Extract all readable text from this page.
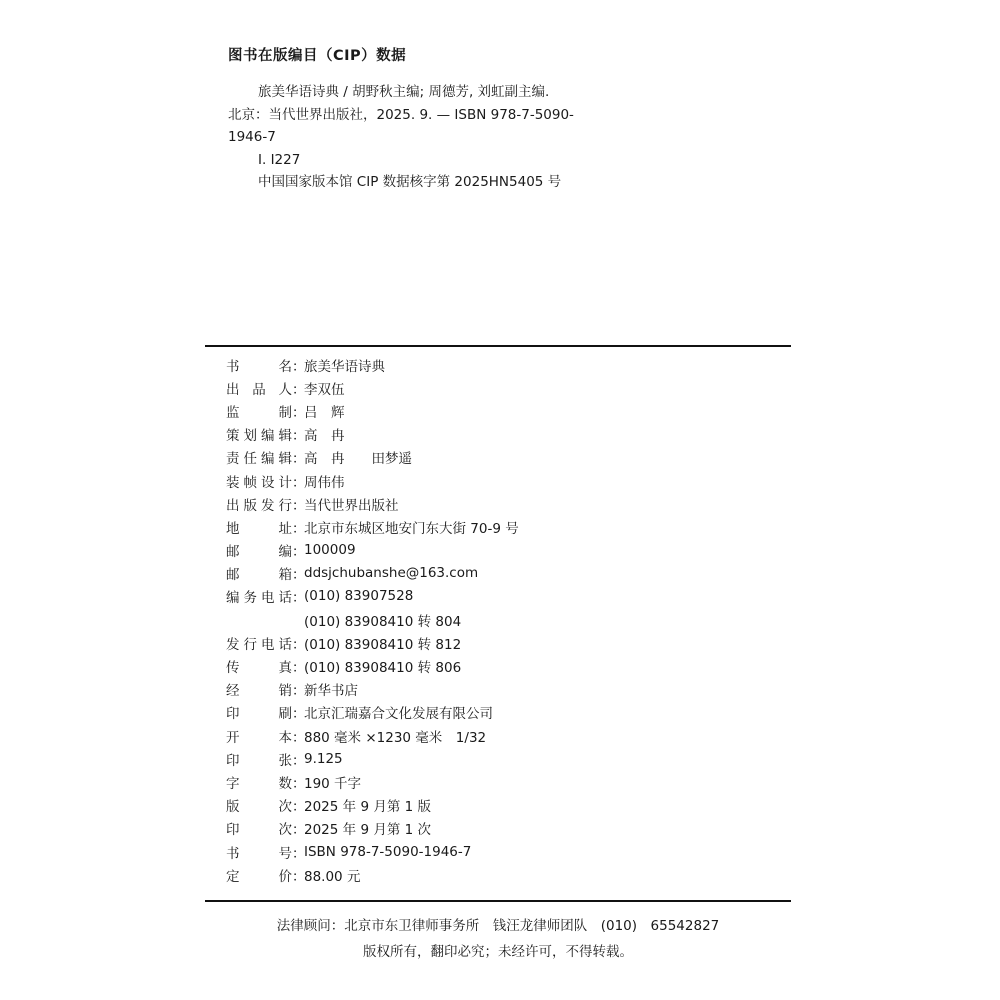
图书在版编目（CIP）数据
旅美华语诗典 / 胡野秋主编; 周德芳, 刘虹副主编.
北京：当代世界出版社，2025. 9. — ISBN 978-7-5090-
1946-7
Ⅰ. I227
中国国家版本馆 CIP 数据核字第 2025HN5405 号
书	名 ：
旅美华语诗典
出 品 人 ：
李双伍
监	制 ：
吕　辉
策 划 编 辑 ：
高　冉
责 任 编 辑 ：
高　冉　　田梦遥
装 帧 设 计 ：
周伟伟
出 版 发 行 ：
当代世界出版社
地	址 ：
北京市东城区地安门东大街 70-9 号
邮	编 ：
100009
邮	箱 ：
ddsjchubanshe@163.com
编 务 电 话 ：
(010) 83907528
(010) 83908410 转 804
发 行 电 话 ：
(010) 83908410 转 812
传	真 ：
(010) 83908410 转 806
经	销 ：
新华书店
印	刷 ：
北京汇瑞嘉合文化发展有限公司
开	本 ：
880 毫米 ×1230 毫米　1/32
印	张 ：
9.125
字	数 ：
190 千字
版	次 ：
2025 年 9 月第 1 版
印	次 ：
2025 年 9 月第 1 次
书	号 ：
ISBN 978-7-5090-1946-7
定	价 ：
88.00 元
法律顾问：北京市东卫律师事务所　钱汪龙律师团队　(010)　65542827
版权所有，翻印必究；未经许可，不得转载。
